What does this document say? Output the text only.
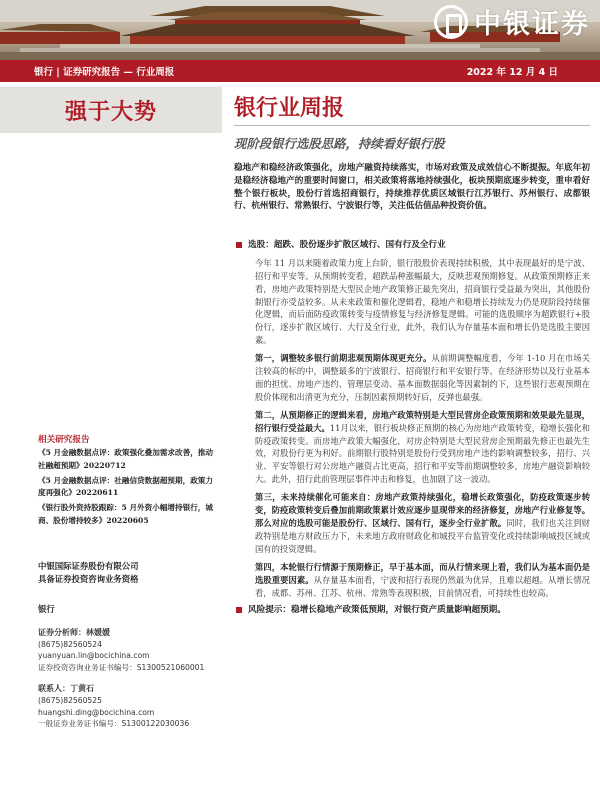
中银证券
银行 | 证券研究报告 — 行业周报	2022 年 12 月 4 日
强于大势
相关研究报告
《5 月金融数据点评：政策强化叠加需求改善，推动社融超预期》20220712
《5 月金融数据点评：社融信贷数据超预期，政策力度再强化》20220611
《银行股外资持股跟踪：5 月外资小幅增持银行，城商、股份增持较多》20220605
中银国际证券股份有限公司
具备证券投资咨询业务资格
银行
证券分析师：林媛媛
(8675)82560524
yuanyuan.lin@bocichina.com
证券投资咨询业务证书编号：S1300521060001
联系人：丁黄石
(8675)82560525
huangshi.ding@bocichina.com
一般证券业务证书编号：S1300122030036
银行业周报
现阶段银行选股思路，持续看好银行股
稳地产和稳经济政策强化，房地产融资持续落实，市场对政策及成效信心不断提振。年底年初是稳经济稳地产的重要时间窗口，相关政策将落地持续强化，板块预期底逐步转变，重申看好整个银行板块，股份行首选招商银行，持续推荐优质区域银行江苏银行、苏州银行、成都银行、杭州银行、常熟银行、宁波银行等，关注低估值品种投资价值。
选股：超跌、股份逐步扩散区域行、国有行及全行业
今年 11 月以来随着政策力度上台阶，银行股股价表现持续积极，其中表现最好的是宁波、招行和平安等。从预期转变看，超跌品种涨幅最大，反映悲观预期修复。从政策预期修正来看，房地产政策特别是大型民企地产政策修正最先突出，招商银行受益最为突出，其他股份制银行亦受益较多。从未来政策和催化逻辑看，稳地产和稳增长持续发力仍是现阶段持续催化逻辑，而后面防疫政策转变与疫情修复与经济修复逻辑。可能的选股顺序为超跌银行+股份行，逐步扩散区域行、大行及全行业，此外，我们认为存量基本面和增长仍是选股主要因素。
第一，调整较多银行前期悲观预期体现更充分。从前期调整幅度看，今年 1-10 月在市场关注较高的标的中，调整最多的宁波银行、招商银行和平安银行等。在经济形势以及行业基本面的担忧、房地产违约、管理层变动、基本面数据弱化等因素制约下，这些银行悲观预期在股价体现和出清更为充分，压制因素预期转好后，反弹也最强。
第二，从预期修正的逻辑来看，房地产政策特别是大型民营房企政策预期和效果最先显现，招行银行受益最大。11月以来，银行板块修正预期的核心为房地产政策转变，稳增长强化和防疫政策转变。而房地产政策大幅强化，对房企特别是大型民营房企预期最先修正也最先生效，对股份行更为利好。前期银行股特别是股份行受到房地产违约影响调整较多，招行、兴业、平安等银行对公房地产融资占比更高，招行和平安等前期调整较多，房地产融资影响较大。此外，招行此前管理层事件冲击和修复，也加剧了这一波动。
第三，未来持续催化可能来自：房地产政策持续强化，稳增长政策强化，防疫政策逐步转变，防疫政策转变后叠加前期政策累计效应逐步显现带来的经济修复，房地产行业修复等。那么对应的选股可能是股份行、区域行、国有行，逐步全行业扩散。同时，我们也关注到财政特别是地方财政压力下，未来地方政府财政化和城投平台监管变化或持续影响城投区域或国有的投资逻辑。
第四，本轮银行行情源于预期修正，早于基本面，而从行情来现上看，我们认为基本面仍是选股重要因素。从存量基本面看，宁波和招行表现仍然最为优异，且难以超越。从增长情况看，成都、苏州、江苏、杭州、常熟等表现积极，目前情况看，可持续性也较高。
风险提示：稳增长稳地产政策低预期，对银行资产质量影响超预期。
